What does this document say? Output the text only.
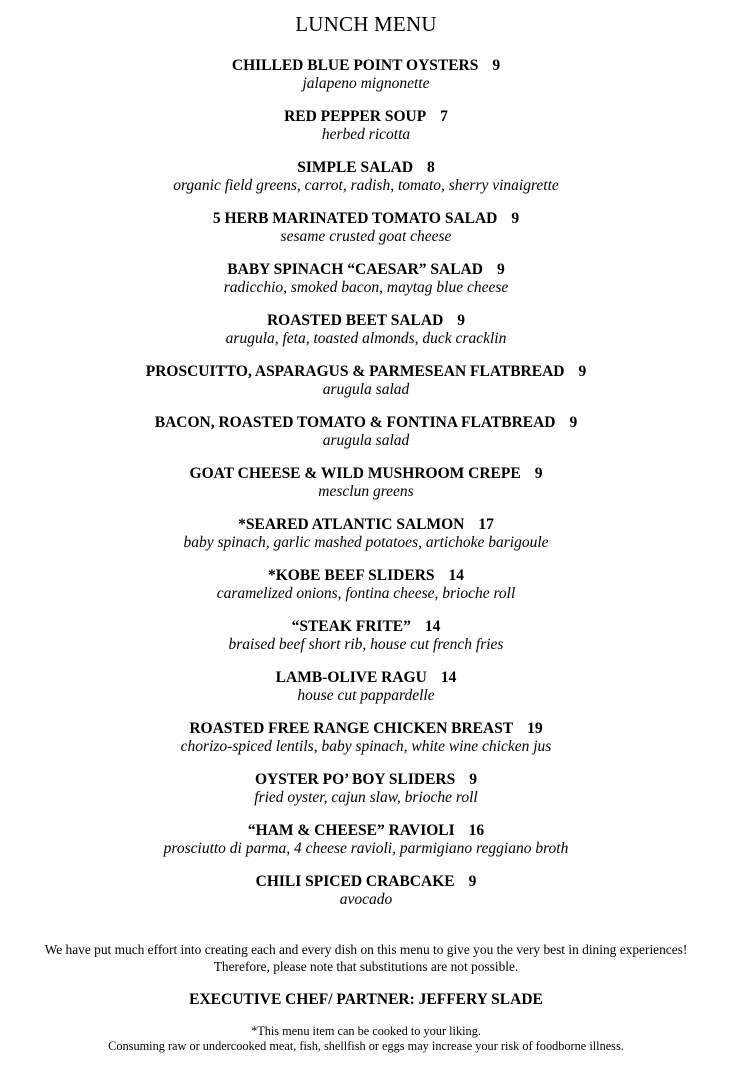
LUNCH MENU
CHILLED BLUE POINT OYSTERS 9
jalapeno mignonette
RED PEPPER SOUP 7
herbed ricotta
SIMPLE SALAD 8
organic field greens, carrot, radish, tomato, sherry vinaigrette
5 HERB MARINATED TOMATO SALAD 9
sesame crusted goat cheese
BABY SPINACH “CAESAR” SALAD 9
radicchio, smoked bacon, maytag blue cheese
ROASTED BEET SALAD 9
arugula, feta, toasted almonds, duck cracklin
PROSCUITTO, ASPARAGUS & PARMESEAN FLATBREAD 9
arugula salad
BACON, ROASTED TOMATO & FONTINA FLATBREAD 9
arugula salad
GOAT CHEESE & WILD MUSHROOM CREPE 9
mesclun greens
*SEARED ATLANTIC SALMON 17
baby spinach, garlic mashed potatoes, artichoke barigoule
*KOBE BEEF SLIDERS 14
caramelized onions, fontina cheese, brioche roll
“STEAK FRITE” 14
braised beef short rib, house cut french fries
LAMB-OLIVE RAGU 14
house cut pappardelle
ROASTED FREE RANGE CHICKEN BREAST 19
chorizo-spiced lentils, baby spinach, white wine chicken jus
OYSTER PO’ BOY SLIDERS 9
fried oyster, cajun slaw, brioche roll
“HAM & CHEESE” RAVIOLI 16
prosciutto di parma, 4 cheese ravioli, parmigiano reggiano broth
CHILI SPICED CRABCAKE 9
avocado
We have put much effort into creating each and every dish on this menu to give you the very best in dining experiences!
Therefore, please note that substitutions are not possible.
EXECUTIVE CHEF/ PARTNER: JEFFERY SLADE
*This menu item can be cooked to your liking.
Consuming raw or undercooked meat, fish, shellfish or eggs may increase your risk of foodborne illness.
